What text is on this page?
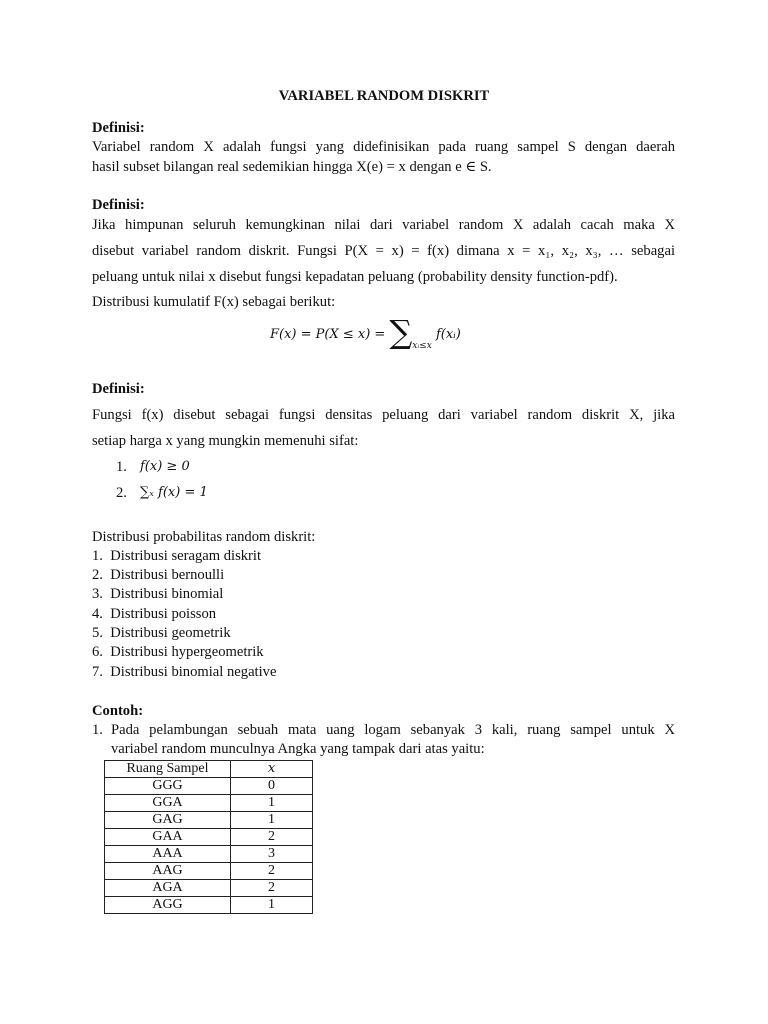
VARIABEL RANDOM DISKRIT
Definisi:
Variabel random X adalah fungsi yang didefinisikan pada ruang sampel S dengan daerah
hasil subset bilangan real sedemikian hingga X(e) = x dengan e ∈ S.
Definisi:
Jika himpunan seluruh kemungkinan nilai dari variabel random X adalah cacah maka X
disebut variabel random diskrit. Fungsi P(X = x) = f(x) dimana x = x₁, x₂, x₃, … sebagai
peluang untuk nilai x disebut fungsi kepadatan peluang (probability density function-pdf).
Distribusi kumulatif F(x) sebagai berikut:
$F(x) = P(X \le x) = \sum_{xᵢ\le x}$ f(xᵢ)
Definisi:
Fungsi f(x) disebut sebagai fungsi densitas peluang dari variabel random diskrit X, jika
setiap harga x yang mungkin memenuhi sifat:
1. f(x) ≥ 0
2. ∑ₓ f(x) = 1
Distribusi probabilitas random diskrit:
1.  Distribusi seragam diskrit
2.  Distribusi bernoulli
3.  Distribusi binomial
4.  Distribusi poisson
5.  Distribusi geometrik
6.  Distribusi hypergeometrik
7.  Distribusi binomial negative
Contoh:
1. Pada pelambungan sebuah mata uang logam sebanyak 3 kali, ruang sampel untuk X
variabel random munculnya Angka yang tampak dari atas yaitu:
Ruang Sampel	x
GGG	0
GGA	1
GAG	1
GAA	2
AAA	3
AAG	2
AGA	2
AGG	1
